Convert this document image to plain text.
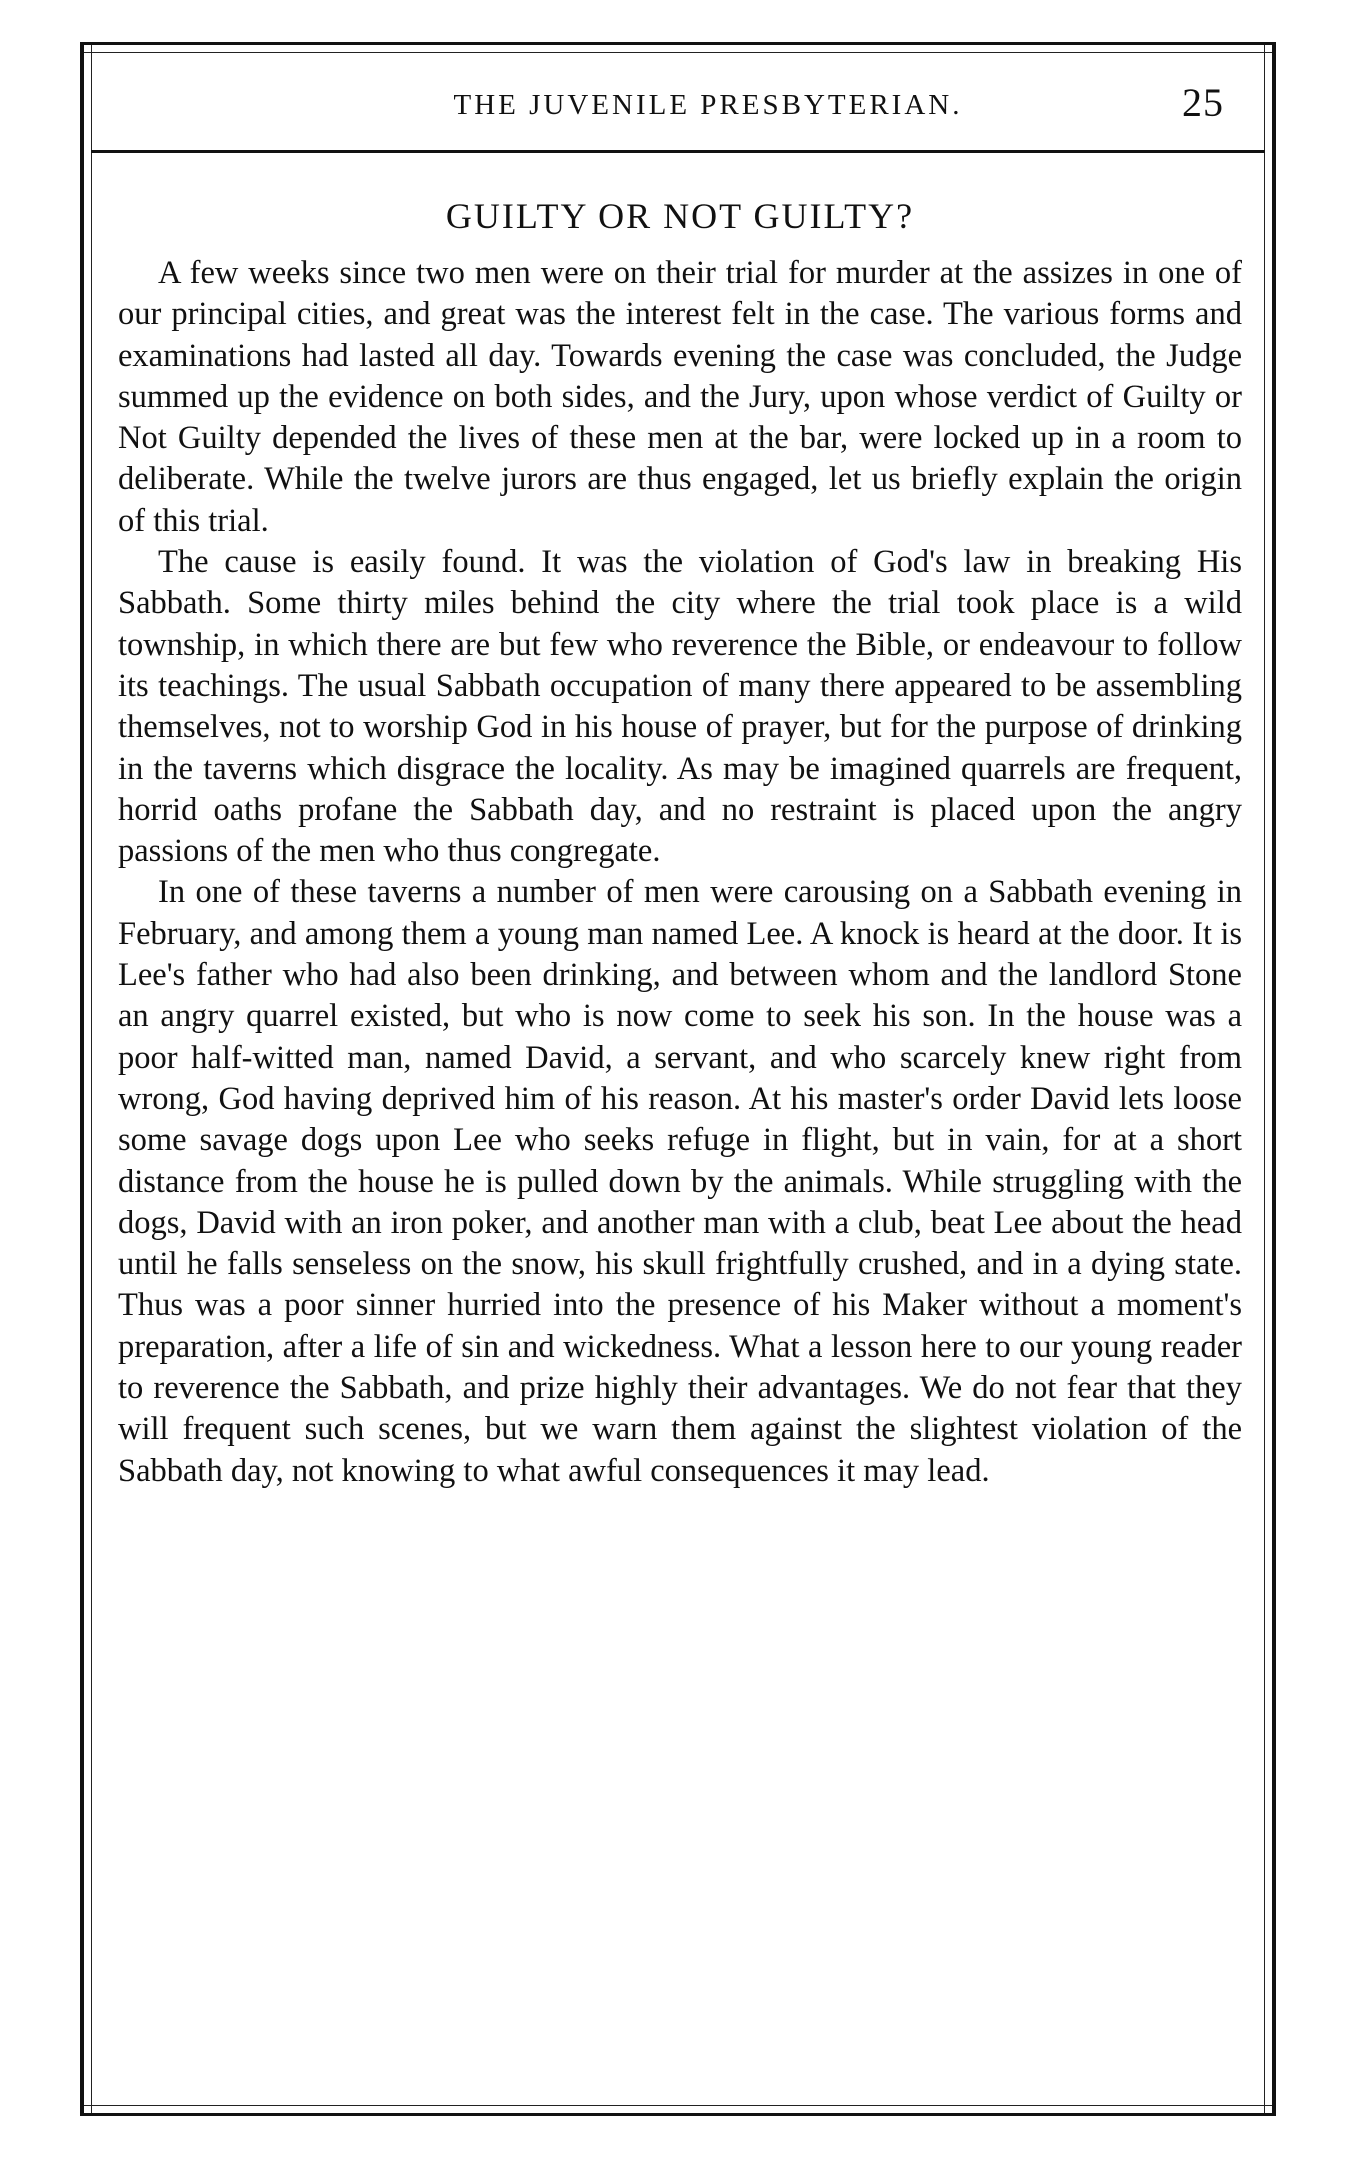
THE JUVENILE PRESBYTERIAN.	25
GUILTY OR NOT GUILTY?

A few weeks since two men were on their trial for murder at the assizes in one of our principal cities, and great was the interest felt in the case. The various forms and examinations had lasted all day. Towards evening the case was concluded, the Judge summed up the evidence on both sides, and the Jury, upon whose verdict of Guilty or Not Guilty depended the lives of these men at the bar, were locked up in a room to deliberate. While the twelve jurors are thus engaged, let us briefly explain the origin of this trial.

The cause is easily found. It was the violation of God's law in breaking His Sabbath. Some thirty miles behind the city where the trial took place is a wild township, in which there are but few who reverence the Bible, or endeavour to follow its teachings. The usual Sabbath occupation of many there appeared to be assembling themselves, not to worship God in his house of prayer, but for the purpose of drinking in the taverns which disgrace the locality. As may be imagined quarrels are frequent, horrid oaths profane the Sabbath day, and no restraint is placed upon the angry passions of the men who thus congregate.

In one of these taverns a number of men were carousing on a Sabbath evening in February, and among them a young man named Lee. A knock is heard at the door. It is Lee's father who had also been drinking, and between whom and the landlord Stone an angry quarrel existed, but who is now come to seek his son. In the house was a poor half-witted man, named David, a servant, and who scarcely knew right from wrong, God having deprived him of his reason. At his master's order David lets loose some savage dogs upon Lee who seeks refuge in flight, but in vain, for at a short distance from the house he is pulled down by the animals. While struggling with the dogs, David with an iron poker, and another man with a club, beat Lee about the head until he falls senseless on the snow, his skull frightfully crushed, and in a dying state. Thus was a poor sinner hurried into the presence of his Maker without a moment's preparation, after a life of sin and wickedness. What a lesson here to our young reader to reverence the Sabbath, and prize highly their advantages. We do not fear that they will frequent such scenes, but we warn them against the slightest violation of the Sabbath day, not knowing to what awful consequences it may lead.
